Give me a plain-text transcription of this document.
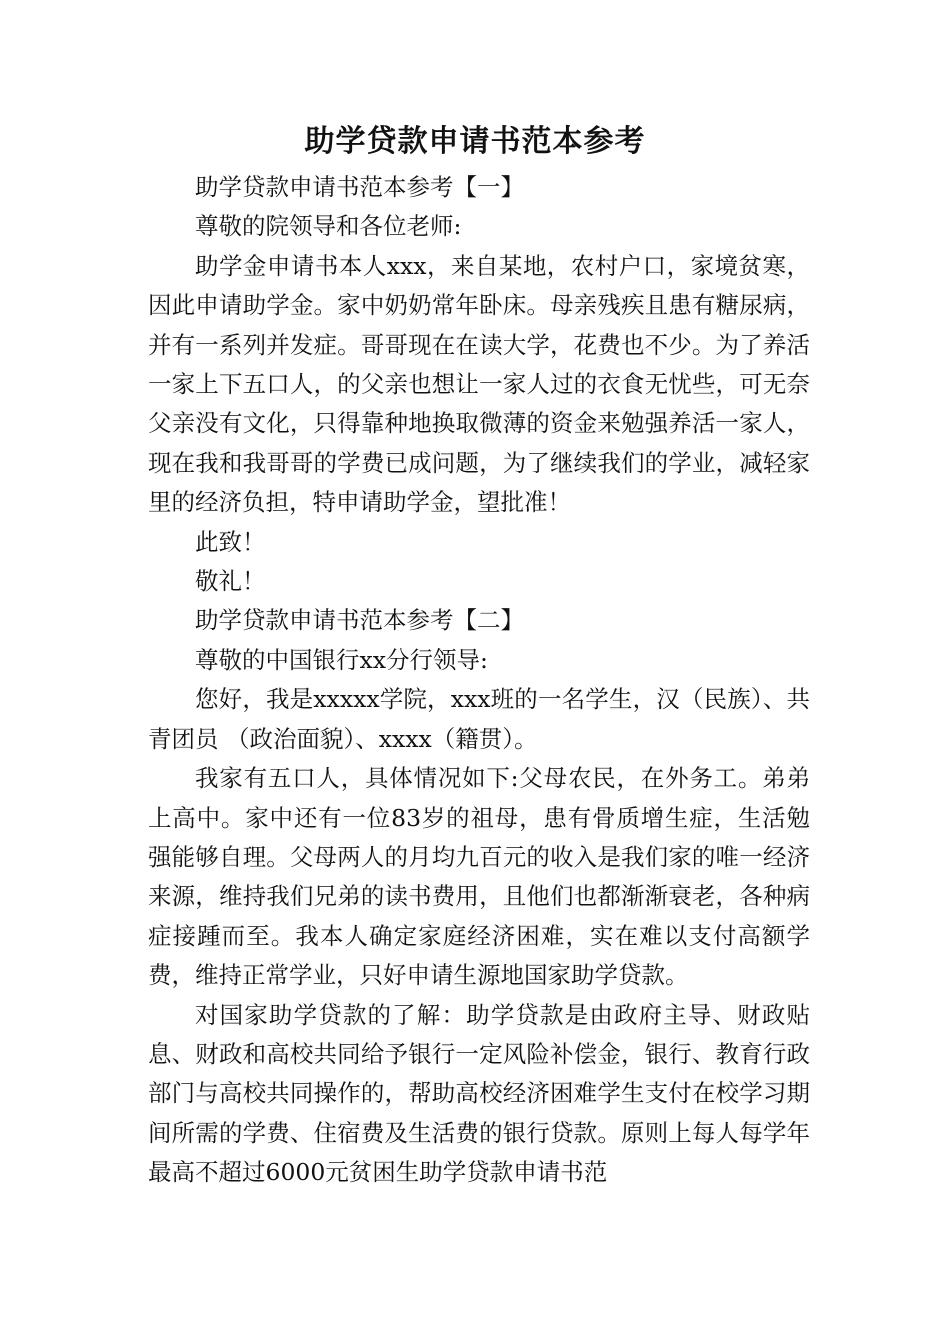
助学贷款申请书范本参考

助学贷款申请书范本参考【一】

尊敬的院领导和各位老师:

助学金申请书本人xxx，来自某地，农村户口，家境贫寒，因此申请助学金。家中奶奶常年卧床。母亲残疾且患有糖尿病，并有一系列并发症。哥哥现在在读大学，花费也不少。为了养活一家上下五口人，的父亲也想让一家人过的衣食无忧些，可无奈父亲没有文化，只得靠种地换取微薄的资金来勉强养活一家人，现在我和我哥哥的学费已成问题，为了继续我们的学业，减轻家里的经济负担，特申请助学金，望批准！

此致！

敬礼！

助学贷款申请书范本参考【二】

尊敬的中国银行xx分行领导:

您好，我是xxxxx学院，xxx班的一名学生，汉（民族）、共青团员 （政治面貌）、xxxx（籍贯）。

我家有五口人，具体情况如下:父母农民，在外务工。弟弟上高中。家中还有一位83岁的祖母，患有骨质增生症，生活勉强能够自理。父母两人的月均九百元的收入是我们家的唯一经济来源，维持我们兄弟的读书费用，且他们也都渐渐衰老，各种病症接踵而至。我本人确定家庭经济困难，实在难以支付高额学费，维持正常学业，只好申请生源地国家助学贷款。

对国家助学贷款的了解：助学贷款是由政府主导、财政贴息、财政和高校共同给予银行一定风险补偿金，银行、教育行政部门与高校共同操作的，帮助高校经济困难学生支付在校学习期间所需的学费、住宿费及生活费的银行贷款。原则上每人每学年最高不超过6000元贫困生助学贷款申请书范
